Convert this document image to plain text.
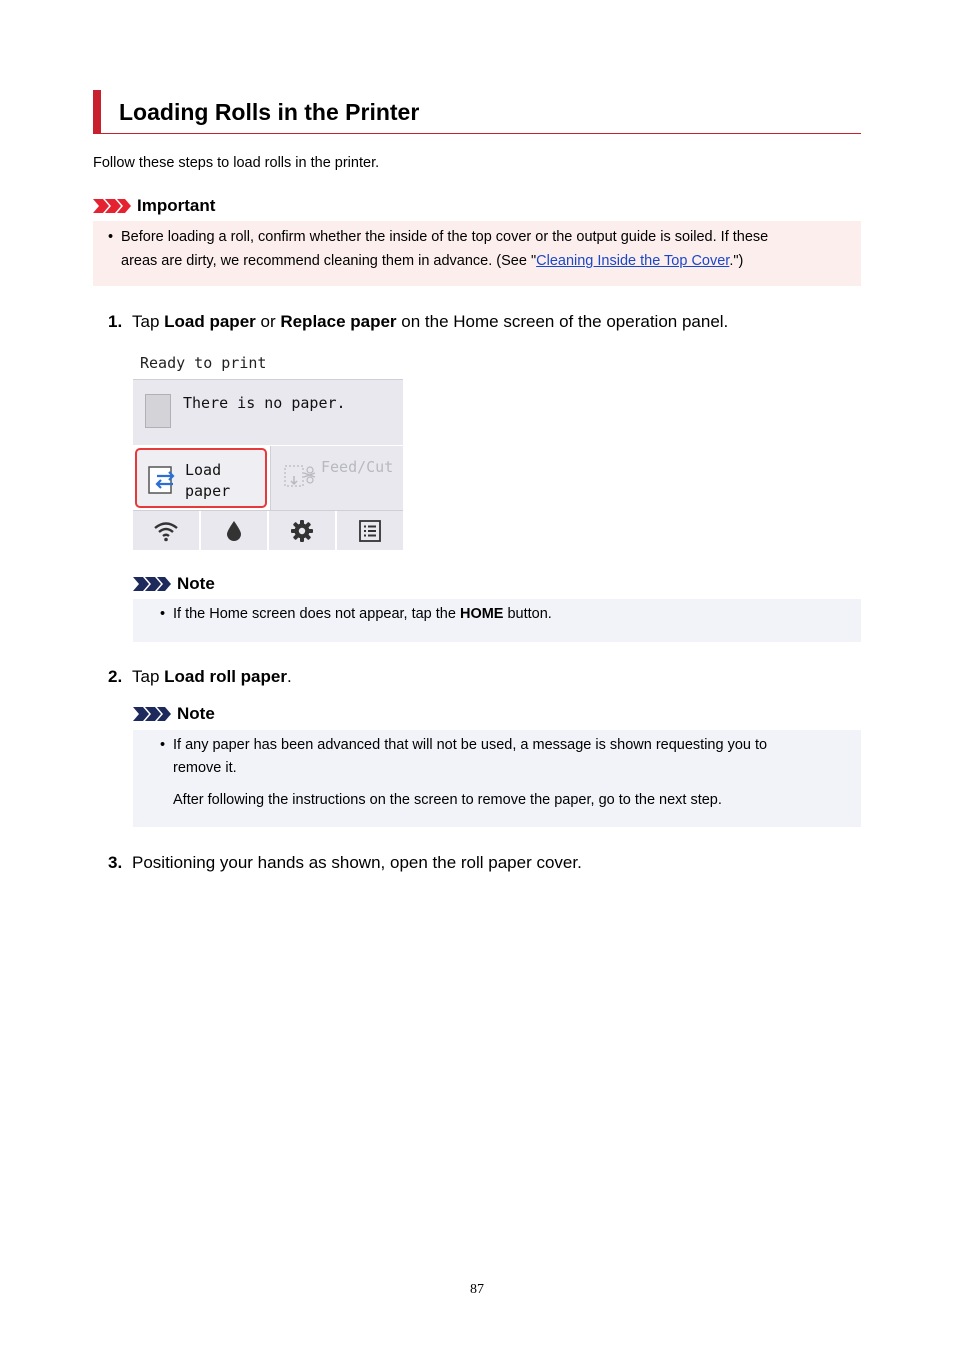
Loading Rolls in the Printer
Follow these steps to load rolls in the printer.
Important
• Before loading a roll, confirm whether the inside of the top cover or the output guide is soiled. If these
areas are dirty, we recommend cleaning them in advance. (See "Cleaning Inside the Top Cover.")
1. Tap Load paper or Replace paper on the Home screen of the operation panel.
Ready to print
There is no paper.
Load
paper
Feed/Cut
Note
• If the Home screen does not appear, tap the HOME button.
2. Tap Load roll paper.
Note
• If any paper has been advanced that will not be used, a message is shown requesting you to
remove it.
After following the instructions on the screen to remove the paper, go to the next step.
3. Positioning your hands as shown, open the roll paper cover.
87
